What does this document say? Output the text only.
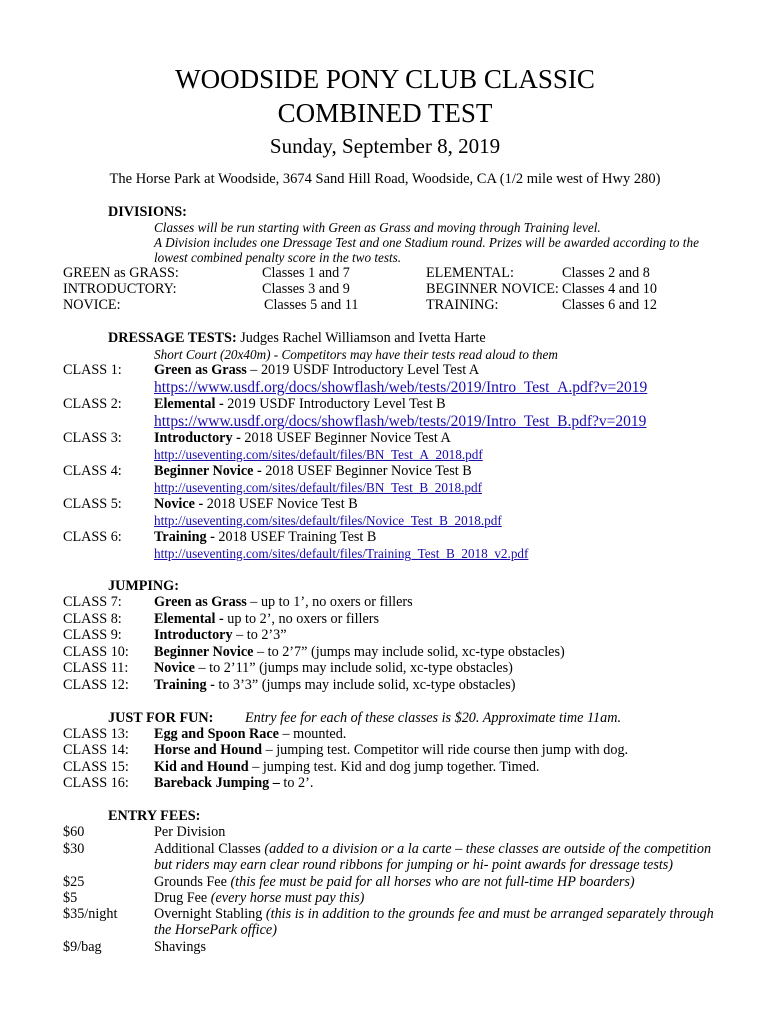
WOODSIDE PONY CLUB CLASSIC
COMBINED TEST
Sunday, September 8, 2019
The Horse Park at Woodside, 3674 Sand Hill Road, Woodside, CA (1/2 mile west of Hwy 280)
DIVISIONS:
Classes will be run starting with Green as Grass and moving through Training level.
A Division includes one Dressage Test and one Stadium round. Prizes will be awarded according to the
lowest combined penalty score in the two tests.
GREEN as GRASS:	Classes 1 and 7	ELEMENTAL:	Classes 2 and 8
INTRODUCTORY:	Classes 3 and 9	BEGINNER NOVICE: Classes 4 and 10
NOVICE:	Classes 5 and 11	TRAINING:	Classes 6 and 12
DRESSAGE TESTS: Judges Rachel Williamson and Ivetta Harte
Short Court (20x40m) - Competitors may have their tests read aloud to them
CLASS 1: Green as Grass – 2019 USDF Introductory Level Test A
https://www.usdf.org/docs/showflash/web/tests/2019/Intro_Test_A.pdf?v=2019
CLASS 2: Elemental - 2019 USDF Introductory Level Test B
https://www.usdf.org/docs/showflash/web/tests/2019/Intro_Test_B.pdf?v=2019
CLASS 3: Introductory - 2018 USEF Beginner Novice Test A
http://useventing.com/sites/default/files/BN_Test_A_2018.pdf
CLASS 4: Beginner Novice - 2018 USEF Beginner Novice Test B
http://useventing.com/sites/default/files/BN_Test_B_2018.pdf
CLASS 5: Novice - 2018 USEF Novice Test B
http://useventing.com/sites/default/files/Novice_Test_B_2018.pdf
CLASS 6: Training - 2018 USEF Training Test B
http://useventing.com/sites/default/files/Training_Test_B_2018_v2.pdf
JUMPING:
CLASS 7: Green as Grass – up to 1’, no oxers or fillers
CLASS 8: Elemental - up to 2’, no oxers or fillers
CLASS 9: Introductory – to 2’3”
CLASS 10: Beginner Novice – to 2’7” (jumps may include solid, xc-type obstacles)
CLASS 11: Novice – to 2’11” (jumps may include solid, xc-type obstacles)
CLASS 12: Training - to 3’3” (jumps may include solid, xc-type obstacles)
JUST FOR FUN: Entry fee for each of these classes is $20. Approximate time 11am.
CLASS 13: Egg and Spoon Race – mounted.
CLASS 14: Horse and Hound – jumping test. Competitor will ride course then jump with dog.
CLASS 15: Kid and Hound – jumping test. Kid and dog jump together. Timed.
CLASS 16: Bareback Jumping – to 2’.
ENTRY FEES:
$60	Per Division
$30	Additional Classes (added to a division or a la carte – these classes are outside of the competition
but riders may earn clear round ribbons for jumping or hi- point awards for dressage tests)
$25	Grounds Fee (this fee must be paid for all horses who are not full-time HP boarders)
$5	Drug Fee (every horse must pay this)
$35/night	Overnight Stabling (this is in addition to the grounds fee and must be arranged separately through
the HorsePark office)
$9/bag	Shavings
